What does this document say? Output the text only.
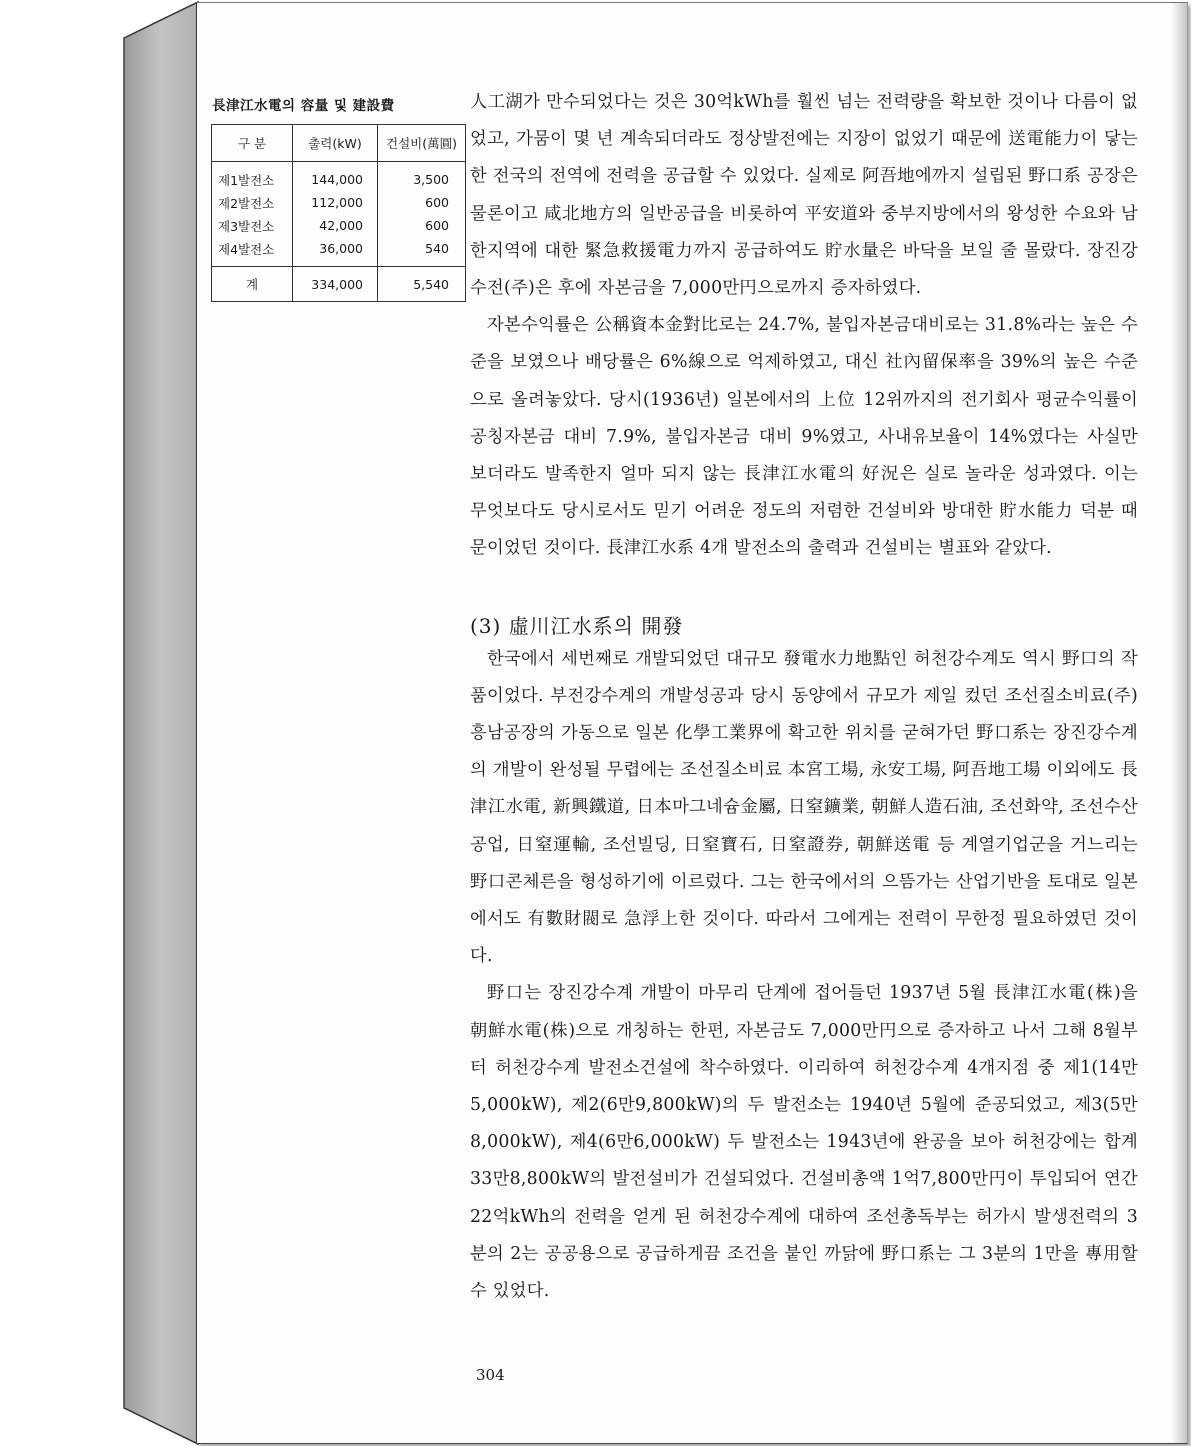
長津江水電의 容量 및 建設費
구 분	출력(kW)	건설비(萬圓)
제1발전소	144,000	3,500
제2발전소	112,000	600
제3발전소	42,000	600
제4발전소	36,000	540
계	334,000	5,540

人工湖가 만수되었다는 것은 30억kWh를 훨씬 넘는 전력량을 확보한 것이나 다름이 없었고, 가뭄이 몇 년 계속되더라도 정상발전에는 지장이 없었기 때문에 送電能力이 닿는 한 전국의 전역에 전력을 공급할 수 있었다. 실제로 阿吾地에까지 설립된 野口系 공장은 물론이고 咸北地方의 일반공급을 비롯하여 平安道와 중부지방에서의 왕성한 수요와 남한지역에 대한 緊急救援電力까지 공급하여도 貯水量은 바닥을 보일 줄 몰랐다. 장진강수전(주)은 후에 자본금을 7,000만円으로까지 증자하였다.

자본수익률은 公稱資本金對比로는 24.7%, 불입자본금대비로는 31.8%라는 높은 수준을 보였으나 배당률은 6%線으로 억제하였고, 대신 社內留保率을 39%의 높은 수준으로 올려놓았다. 당시(1936년) 일본에서의 上位 12위까지의 전기회사 평균수익률이 공칭자본금 대비 7.9%, 불입자본금 대비 9%였고, 사내유보율이 14%였다는 사실만 보더라도 발족한지 얼마 되지 않는 長津江水電의 好況은 실로 놀라운 성과였다. 이는 무엇보다도 당시로서도 믿기 어려운 정도의 저렴한 건설비와 방대한 貯水能力 덕분 때문이었던 것이다. 長津江水系 4개 발전소의 출력과 건설비는 별표와 같았다.

(3) 虛川江水系의 開發

한국에서 세번째로 개발되었던 대규모 發電水力地點인 허천강수계도 역시 野口의 작품이었다. 부전강수계의 개발성공과 당시 동양에서 규모가 제일 컸던 조선질소비료(주) 흥남공장의 가동으로 일본 化學工業界에 확고한 위치를 굳혀가던 野口系는 장진강수계의 개발이 완성될 무렵에는 조선질소비료 本宮工場, 永安工場, 阿吾地工場 이외에도 長津江水電, 新興鐵道, 日本마그네슘金屬, 日窒鑛業, 朝鮮人造石油, 조선화약, 조선수산공업, 日窒運輸, 조선빌딩, 日窒寶石, 日窒證券, 朝鮮送電 등 계열기업군을 거느리는 野口콘체른을 형성하기에 이르렀다. 그는 한국에서의 으뜸가는 산업기반을 토대로 일본에서도 有數財閥로 急浮上한 것이다. 따라서 그에게는 전력이 무한정 필요하였던 것이다.

野口는 장진강수계 개발이 마무리 단계에 접어들던 1937년 5월 長津江水電(株)을 朝鮮水電(株)으로 개칭하는 한편, 자본금도 7,000만円으로 증자하고 나서 그해 8월부터 허천강수계 발전소건설에 착수하였다. 이리하여 허천강수계 4개지점 중 제1(14만5,000kW), 제2(6만9,800kW)의 두 발전소는 1940년 5월에 준공되었고, 제3(5만8,000kW), 제4(6만6,000kW) 두 발전소는 1943년에 완공을 보아 허천강에는 합계 33만8,800kW의 발전설비가 건설되었다. 건설비총액 1억7,800만円이 투입되어 연간 22억kWh의 전력을 얻게 된 허천강수계에 대하여 조선총독부는 허가시 발생전력의 3분의 2는 공공용으로 공급하게끔 조건을 붙인 까닭에 野口系는 그 3분의 1만을 專用할 수 있었다.

304
